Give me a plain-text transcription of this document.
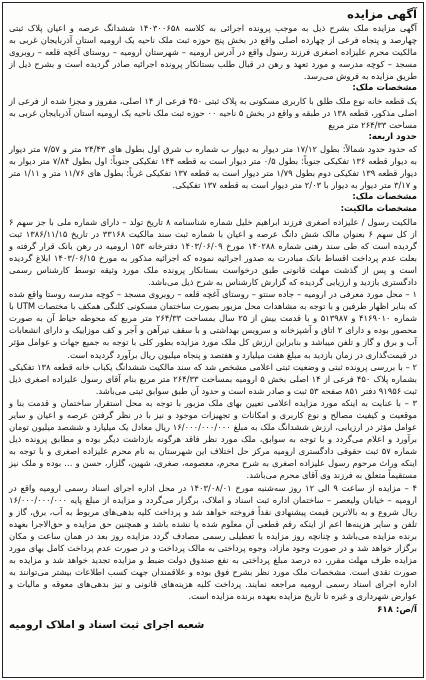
آگهی مزایده
آگهی مزایده ملک بشرح ذیل به موجب پرونده اجرائی به کلاسه ۱۴۰۳۰۰۶۵۸ ششدانگ عرصه و اعیان پلاک ثبتی چهارصد و پنجاه فرعی از چهارده اصلی واقع در بخش پنج حوزه ثبت ملک ناحیه یک ارومیه استان آذربایجان غربی به مالکیت محرم علیزاده اصغری فرزند رسول واقع در آدرس ارومیه – شهرستان ارومیه – روستای آغچه قلعه – روبروی مسجد – کوچه مدرسه و مورد تعهد و رهن در قبال طلب بستانکار پرونده اجرائیه صادر گردیده است و بشرح ذیل از طریق مزایده به فروش می‌رسد.
مشخصات ملک:
یک قطعه خانه نوع ملک طلق با کاربری مسکونی به پلاک ثبتی ۴۵۰ فرعی از ۱۴ اصلی، مفروز و مجزا شده از فرعی از اصلی مذکور، قطعه ۱۳۸ در طبقه و واقع در بخش ۵ ناحیه ۰۰ حوزه ثبت ملک ناحیه یک ارومیه استان آذربایجان غربی به مساحت ۲۶۴/۳۳ متر مربع
حدود اربعه:
که حدود حدود شمالاً: بطول ۱۷/۱۲ متر دیوار به دیوار ب شماره ب شرق اول بطول های ۲۴/۴۳ متر و ۷/۵۷ متر دیوار به دیوار قطعه ۱۳۶ تفکیکی جنوباً: بطول ۰/۵ متر دیوار است به قطعه ۱۴۴ تفکیکی جنوباً: اول بطول ۷/۸۴ متر دیوار به دیوار قطعه ۱۳۹ تفکیکی دوم بطول ۱/۷۹ متر دیوار است به قطعه ۱۳۷ تفکیکی غرباً: بطول های ۱۱/۷۶ متر و ۱/۱۱ متر و ۳/۱۷ متر دیوار به دیوار با ۲/۰۳ متر دیوار است به قطعه ۱۳۷ تفکیکی.
مشخصات ملک:
مشخصات مالکیت:
مالکیت رسول / علیزاده اصغری فرزند ابراهیم خلیل شماره شناسنامه ۸ تاریخ تولد – دارای شماره ملی با جز سهم ۶ از کل سهم ۶ بعنوان مالک شش دانگ عرصه و اعیان با شماره ثبت سند مالکیت ۳۳۱۶۸ در تاریخ ۱۳۸۶/۱۱/۱۵ ثبت گردیده است که طی سند رهنی شماره ۱۴۰۲۸۸ مورخ ۱۴۰۳/۰۶/۰۹ دفترخانه ۱۵۳ ارومیه در رهن بانک قرار گرفته و بعلت عدم پرداخت اقساط بانک مبادرت به صدور اجرائیه نموده که اجرائیه مذکور به مورخ ۱۴۰۳/۰۶/۱۵ ابلاغ گردیده است و پس از گذشت مهلت قانونی طبق درخواست بستانکار پرونده ملک مورد وثیقه توسط کارشناس رسمی دادگستری بازدید و ارزیابی گردیده که گزارش کارشناس به شرح ذیل می‌باشد.
۱ – محل مورد معرفی در ارومیه – جاده سنتو – روستای آغچه قلعه – روبروی مسجد – کوچه مدرسه روستا واقع شده که بنابر اظهار طرفین و با توجه به مشاهدات محل مزبور بصورت ساختمان مسکونی کلنگی همکف با مختصات UTM با شماره ۴۱۶۹۰۱۰ و ۵۱۳۹۸۷ و با قدمت بیش از ۲۵ سال بمساحت ۲۶۴/۳۳ متر مربع که محوطه حیاط آن به صورت محصور بوده و دارای ۲ اتاق و آشپزخانه و سرویس بهداشتی و با سقف تیرآهن و آجر و کف موزاییک و دارای انشعابات آب و برق و گاز و تلفن میباشد و بنابراین ارزش کل ملک مورد مزایده بطور کلی با توجه به جمیع جهات و عوامل مؤثر در قیمت‌گذاری در زمان بازدید به مبلغ هفت میلیارد و هفتصد و پنجاه میلیون ریال برآورد گردیده است.
۲ – با بررسی پرونده ثبتی و وضعیت ثبتی اعلامی مشخص شد که سند مالکیت ششدانگ یکباب خانه قطعه ۱۳۸ تفکیکی بشماره پلاک ۴۵۰ فرعی از ۱۴ اصلی بخش ۵ ارومیه بمساحت ۲۶۴/۳۳ متر مربع بنام آقای رسول علیزاده اصغری ذیل ثبت ۹۱۹۵۶ دفتر ۸۵۱ صفحه ۵۳ ثبت و صادر شده است و حدود آن طبق سوابق ثبتی می‌باشد.
۳ – با عنایت به اینکه مورد مزایده اعلامی تعیین بهای ملک مزبور با توجه به محل استقرار ساختمان و قدمت بنا و موقعیت و کیفیت مصالح و نوع کاربری و امکانات و تجهیزات موجود و نیز با در نظر گرفتن عرصه و اعیان و سایر عوامل مؤثر در ارزیابی، ارزش ششدانگ ملک به مبلغ ۱۶/۰۰۰/۰۰۰/۰۰۰ ریال معادل یک میلیارد و ششصد میلیون تومان برآورد و اعلام می‌گردد و با توجه به سوابق، ملک مورد نظر فاقد هرگونه بازداشت دیگر بوده و مطابق پرونده ذیل شماره ۵۷ ثبت حقوقی دادگستری ارومیه مرکز حل اختلاف این شهرستان به نام محرم علیزاده اصغری و با توجه به اینکه وراث مرحوم رسول علیزاده اصغری به شرح محرم، معصومه، صغری، شهین، گلزار، حسن و … بوده و ملک نیز مستقیماً متعلق به فرزند وی آقای محرم می‌باشد.
۴ – مزایده از ساعت ۹ الی ۱۲ روز سه‌شنبه مورخ ۱۴۰۳/۰۸/۰۱ در محل اداره اجرای اسناد رسمی ارومیه واقع در ارومیه – خیابان ولیعصر – ساختمان اداره ثبت اسناد و املاک، برگزار می‌گردد و مزایده از مبلغ پایه ۱۶/۰۰۰/۰۰۰/۰۰۰ ریال شروع و به بالاترین قیمت پیشنهادی نقداً فروخته خواهد شد و پرداخت کلیه بدهی‌های مربوط به آب، برق، گاز و تلفن و سایر هزینه‌ها اعم از اینکه رقم قطعی آن معلوم شده یا نشده باشد و همچنین حق مزایده و حق‌الاجرا بعهده برنده مزایده می‌باشد و چنانچه روز مزایده با تعطیلی رسمی مصادف گردد مزایده روز بعد در همان ساعت و مکان برگزار خواهد شد و در صورت وجود مازاد، وجوه پرداختی به مالک پرداخت و در صورت عدم پرداخت کامل بهای مورد مزایده ظرف مهلت مقرر، ده درصد مبلغ پرداختی به نفع صندوق دولت ضبط و مزایده تجدید خواهد شد و مزایده به صورت نقدی است. مشخصات ملک مورد نظر بشرح فوق بوده و علاقمندان جهت کسب اطلاعات بیشتر می‌توانند به اداره اجرای اسناد رسمی ارومیه مراجعه نمایند. پرداخت کلیه هزینه‌های قانونی و نیز بدهی‌های معوقه و مالیات و عوارض شهرداری و غیره تا تاریخ مزایده بعهده برنده مزایده است.
آ/ص: ۶۱۸
شعبه اجرای ثبت اسناد و املاک ارومیه
